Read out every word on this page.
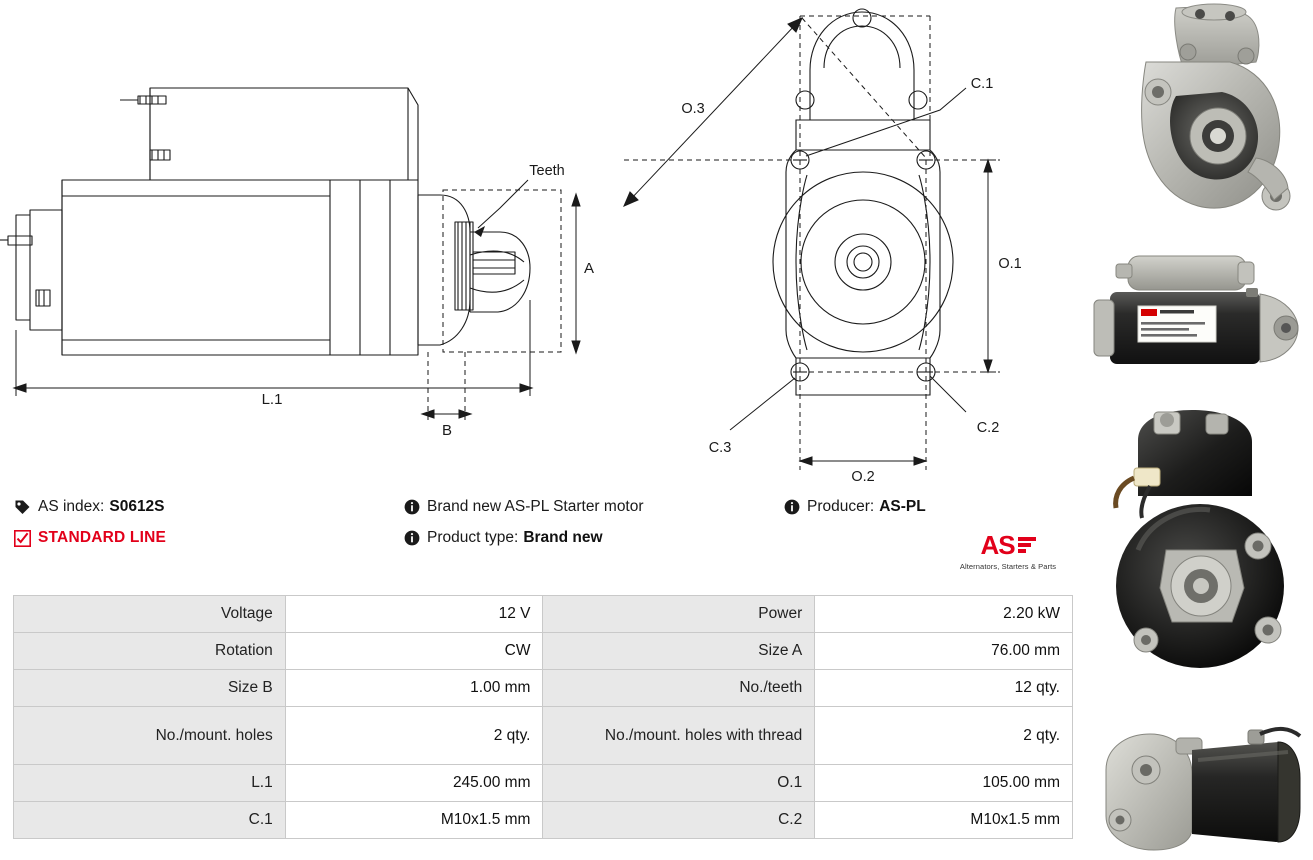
A
L.1
B
Teeth
O.3
O.1
O.2
C.1
C.2
C.3
AS index: S0612S	Brand new AS-PL Starter motor	Producer: AS-PL
STANDARD LINE	Product type: Brand new	AS
Alternators, Starters & Parts
Voltage	12 V	Power	2.20 kW
Rotation	CW	Size A	76.00 mm
Size B	1.00 mm	No./teeth	12 qty.
No./mount. holes	2 qty.	No./mount. holes with thread	2 qty.
L.1	245.00 mm	O.1	105.00 mm
C.1	M10x1.5 mm	C.2	M10x1.5 mm
